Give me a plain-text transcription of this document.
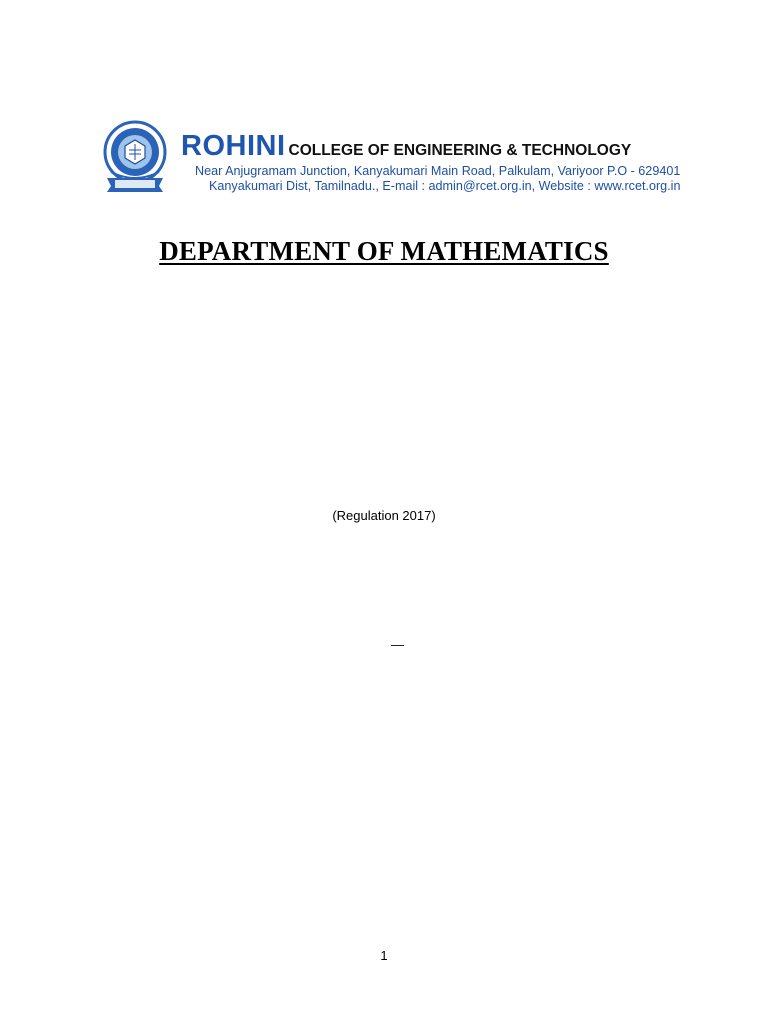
ROHINI COLLEGE OF ENGINEERING & TECHNOLOGY
Near Anjugramam Junction, Kanyakumari Main Road, Palkulam, Variyoor P.O - 629401
Kanyakumari Dist, Tamilnadu., E-mail : admin@rcet.org.in, Website : www.rcet.org.in
DEPARTMENT OF MATHEMATICS
(Regulation 2017)
—
1
